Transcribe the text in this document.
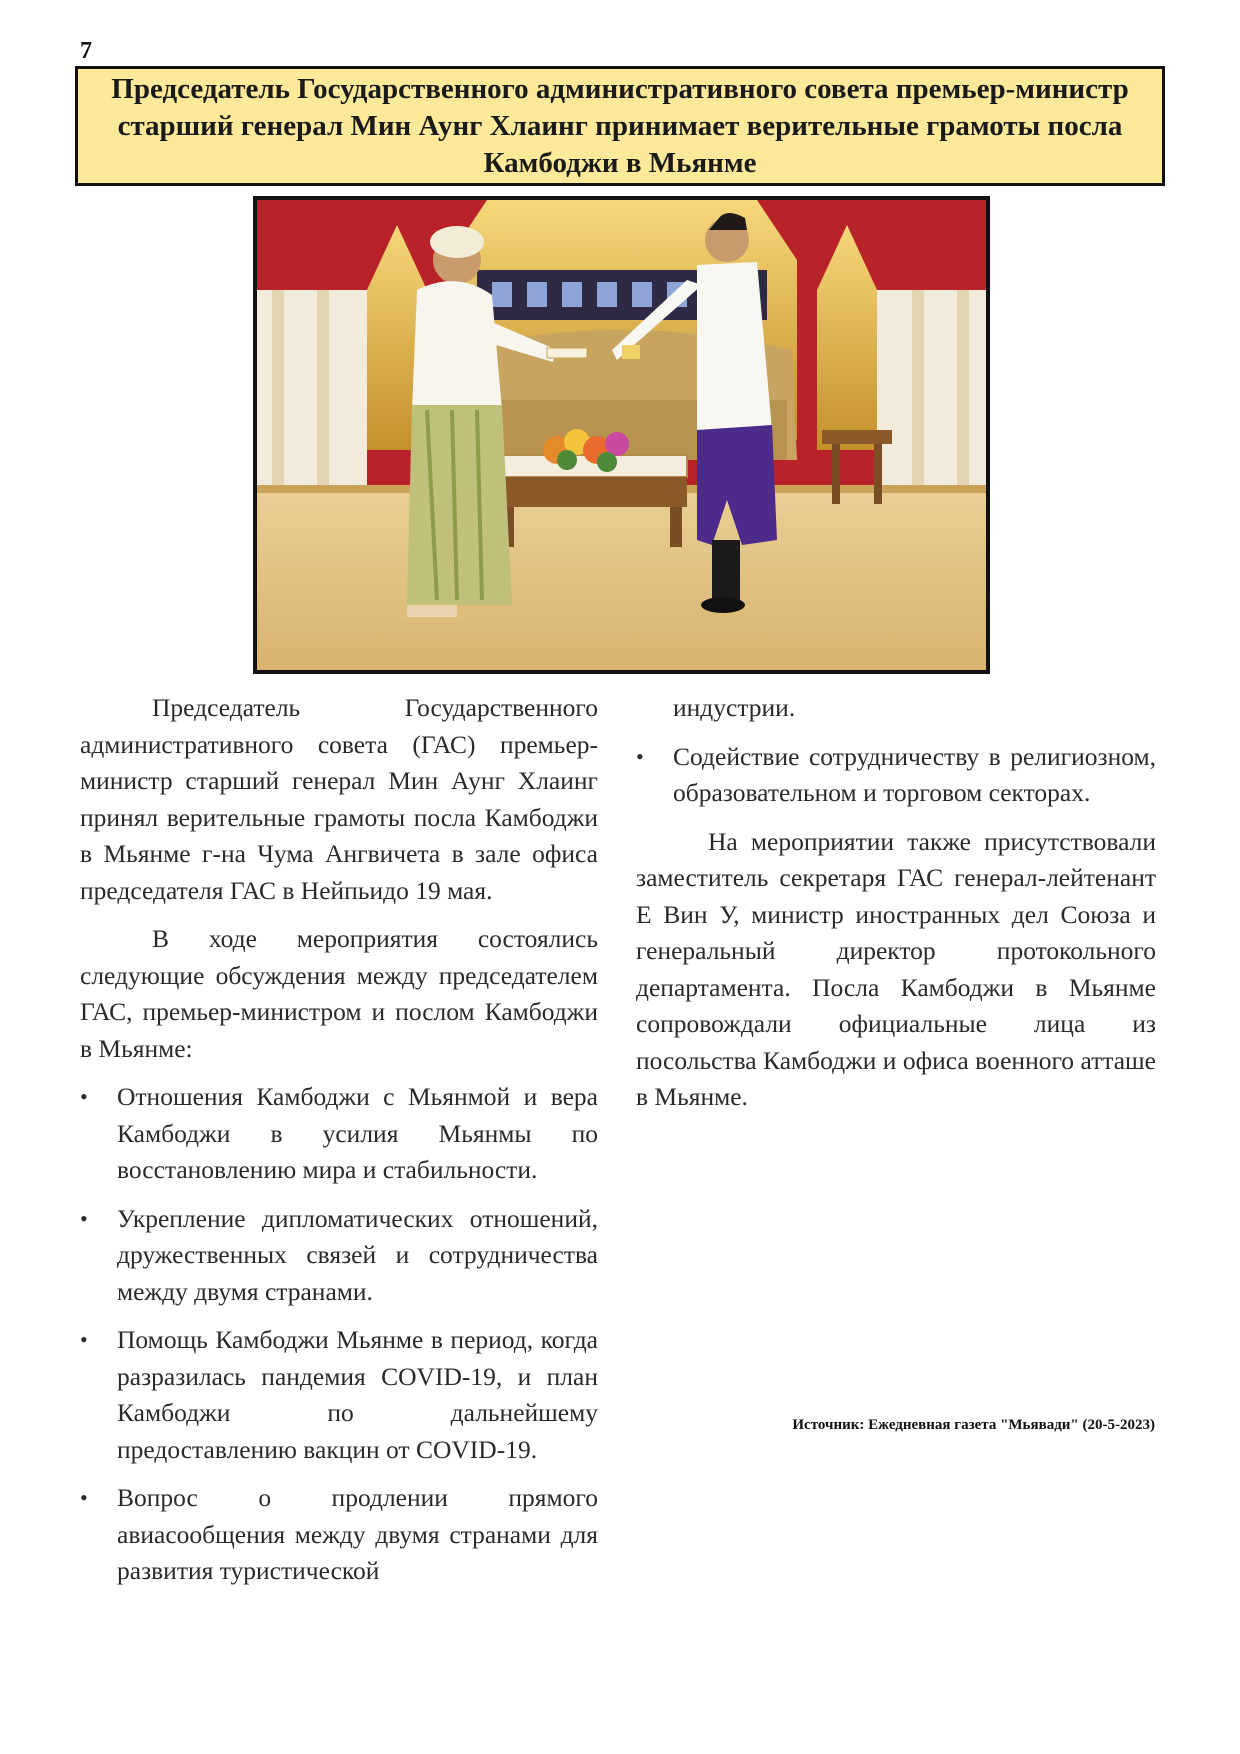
7
Председатель Государственного административного совета премьер-министр старший генерал Мин Аунг Хлаинг принимает верительные грамоты посла Камбоджи в Мьянме

Председатель Государственного административного совета (ГАС) премьер-министр старший генерал Мин Аунг Хлаинг принял верительные грамоты посла Камбоджи в Мьянме г-на Чума Ангвичета в зале офиса председателя ГАС в Нейпьидо 19 мая.

В ходе мероприятия состоялись следующие обсуждения между председателем ГАС, премьер-министром и послом Камбоджи в Мьянме:

• Отношения Камбоджи с Мьянмой и вера Камбоджи в усилия Мьянмы по восстановлению мира и стабильности.
• Укрепление дипломатических отношений, дружественных связей и сотрудничества между двумя странами.
• Помощь Камбоджи Мьянме в период, когда разразилась пандемия COVID-19, и план Камбоджи по дальнейшему предоставлению вакцин от COVID-19.
• Вопрос о продлении прямого авиасообщения между двумя странами для развития туристической

индустрии.

• Содействие сотрудничеству в религиозном, образовательном и торговом секторах.

На мероприятии также присутствовали заместитель секретаря ГАС генерал-лейтенант Е Вин У, министр иностранных дел Союза и генеральный директор протокольного департамента. Посла Камбоджи в Мьянме сопровождали официальные лица из посольства Камбоджи и офиса военного атташе в Мьянме.

Источник: Ежедневная газета "Мьявади" (20-5-2023)
